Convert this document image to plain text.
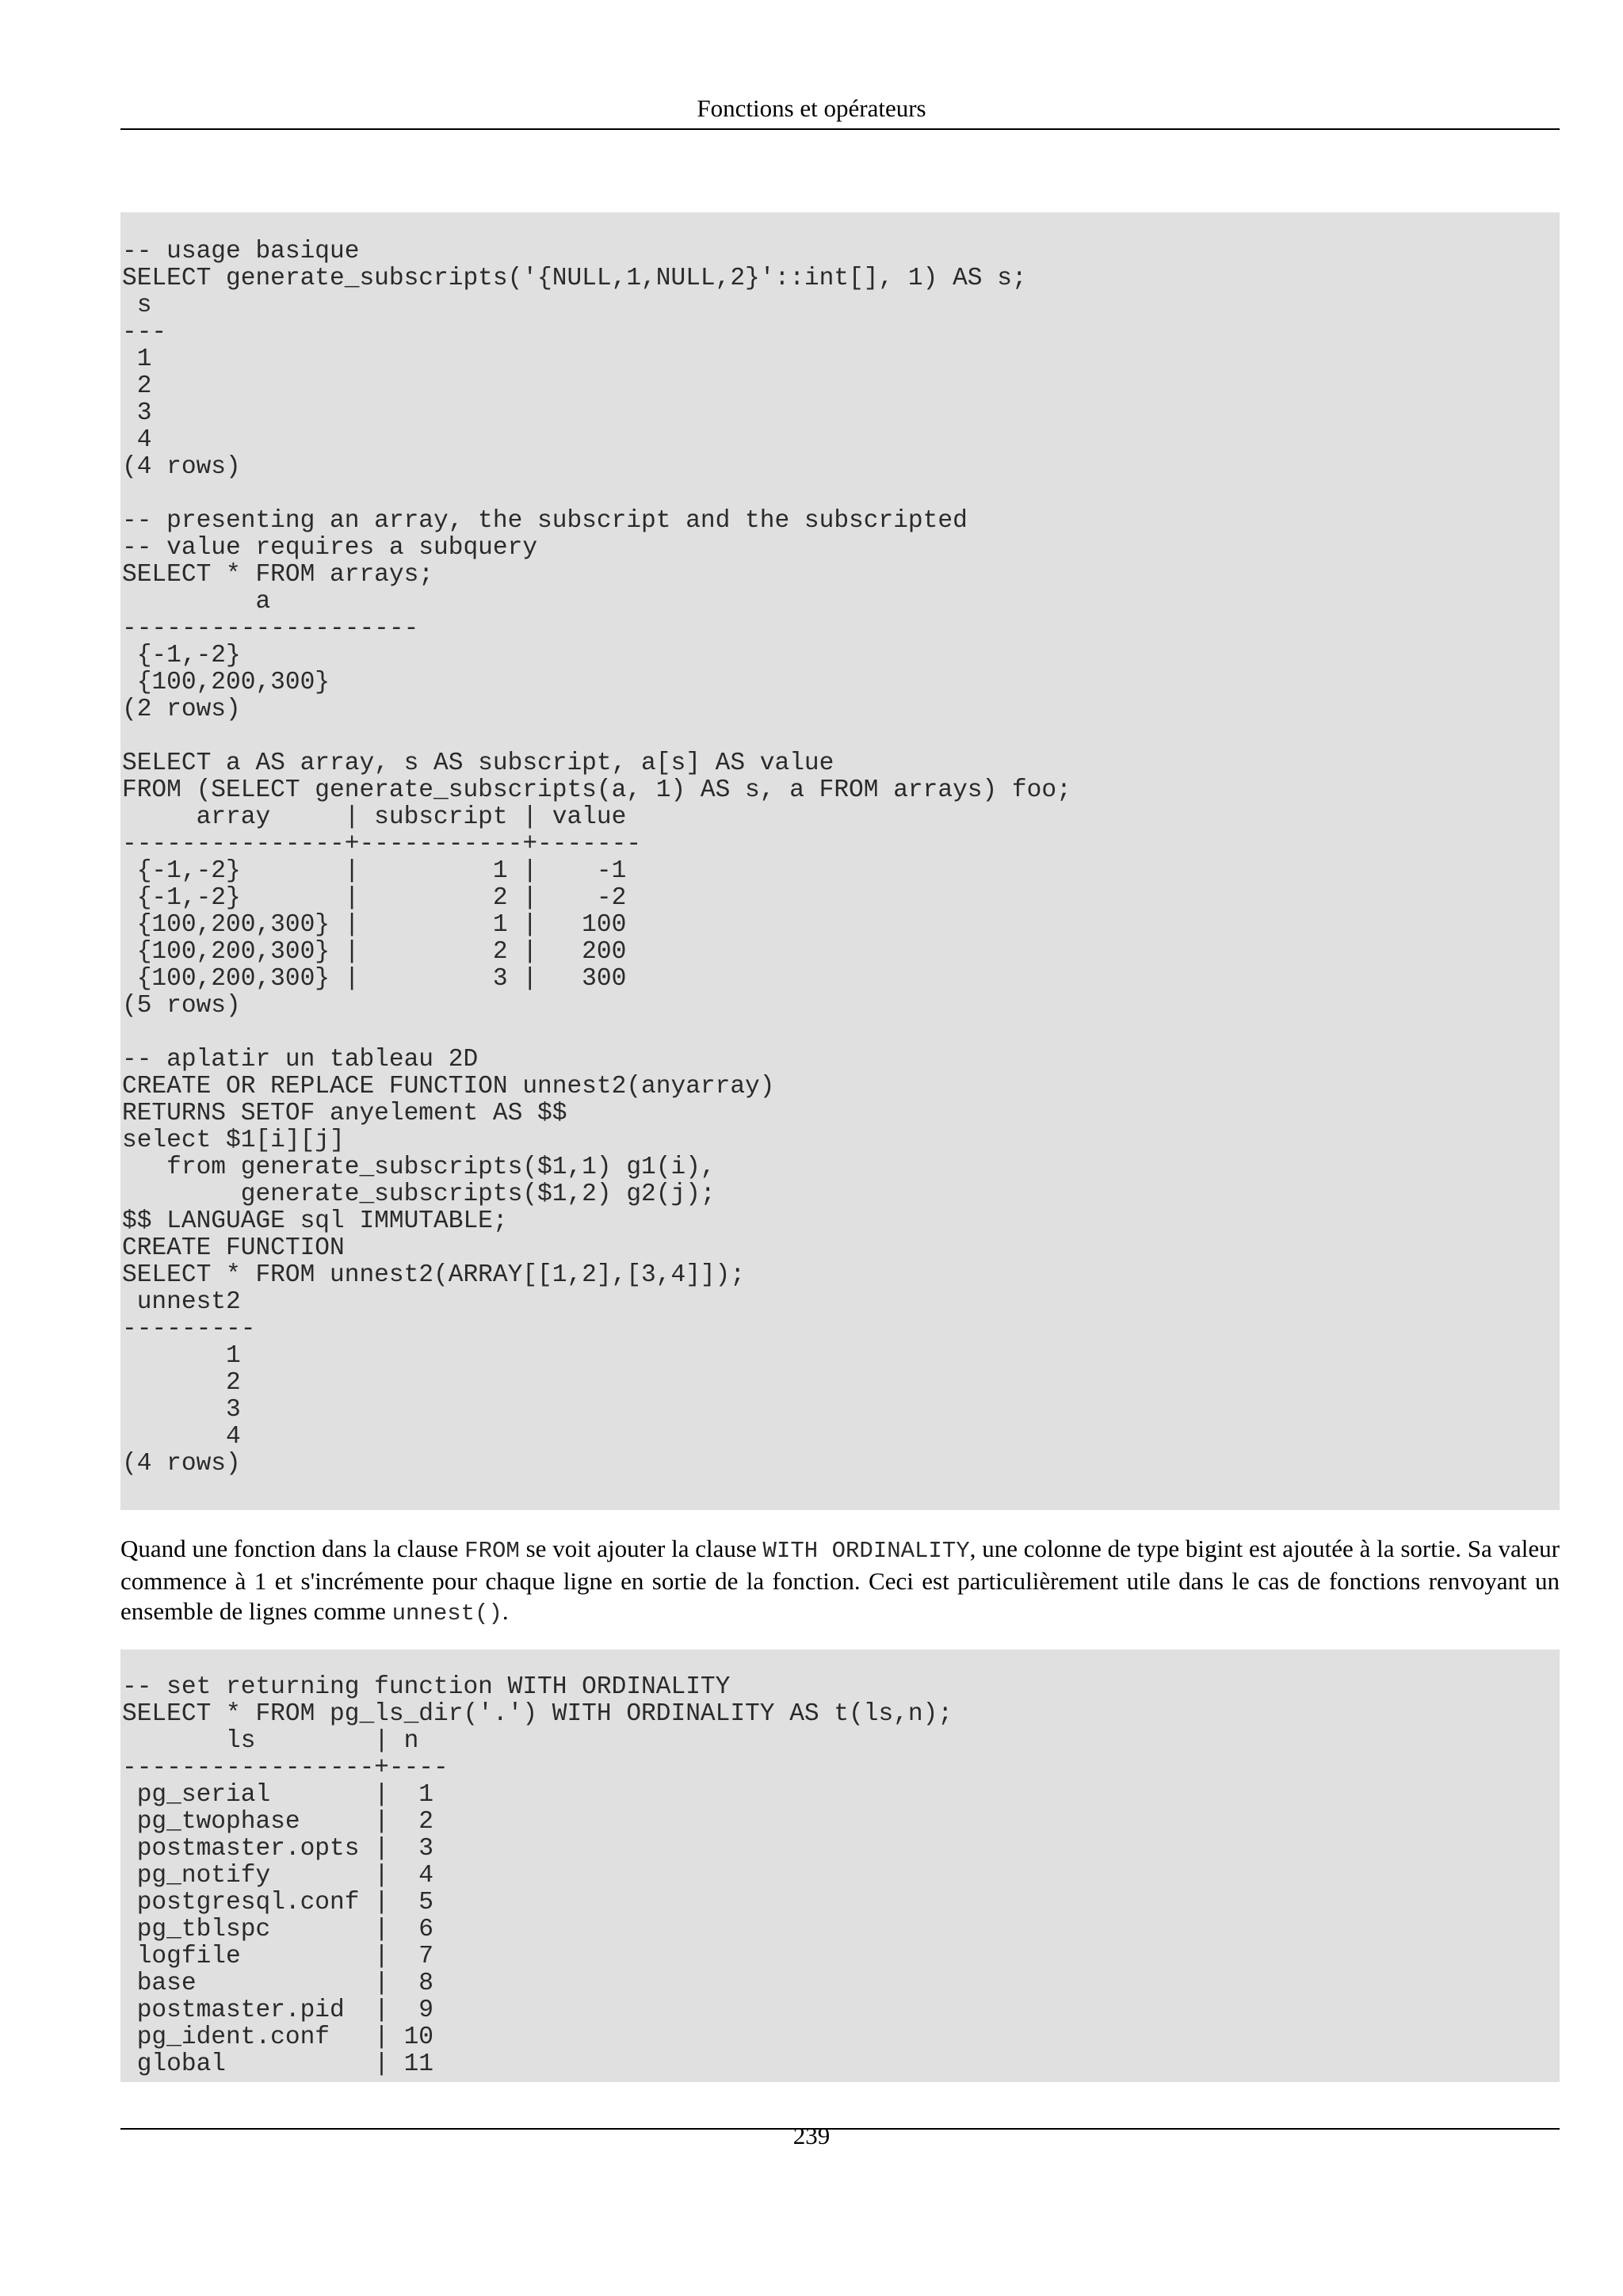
Fonctions et opérateurs
-- usage basique
SELECT generate_subscripts('{NULL,1,NULL,2}'::int[], 1) AS s;
s
---
1
2
3
4
(4 rows)

-- presenting an array, the subscript and the subscripted
-- value requires a subquery
SELECT * FROM arrays;
a
--------------------
{-1,-2}
{100,200,300}
(2 rows)

SELECT a AS array, s AS subscript, a[s] AS value
FROM (SELECT generate_subscripts(a, 1) AS s, a FROM arrays) foo;
array     | subscript | value
---------------+-----------+-------
{-1,-2}       |         1 |    -1
{-1,-2}       |         2 |    -2
{100,200,300} |         1 |   100
{100,200,300} |         2 |   200
{100,200,300} |         3 |   300
(5 rows)

-- aplatir un tableau 2D
CREATE OR REPLACE FUNCTION unnest2(anyarray)
RETURNS SETOF anyelement AS $$
select $1[i][j]
from generate_subscripts($1,1) g1(i),
generate_subscripts($1,2) g2(j);
$$ LANGUAGE sql IMMUTABLE;
CREATE FUNCTION
SELECT * FROM unnest2(ARRAY[[1,2],[3,4]]);
unnest2
---------
1
2
3
4
(4 rows)

Quand une fonction dans la clause FROM se voit ajouter la clause WITH ORDINALITY, une colonne de type bigint est ajoutée à la sortie. Sa valeur commence à 1 et s'incrémente pour chaque ligne en sortie de la fonction. Ceci est particulièrement utile dans le cas de fonctions renvoyant un ensemble de lignes comme unnest().

-- set returning function WITH ORDINALITY
SELECT * FROM pg_ls_dir('.') WITH ORDINALITY AS t(ls,n);
ls        | n
-----------------+----
pg_serial       |  1
pg_twophase     |  2
postmaster.opts |  3
pg_notify       |  4
postgresql.conf |  5
pg_tblspc       |  6
logfile         |  7
base            |  8
postmaster.pid  |  9
pg_ident.conf   | 10
global          | 11
239
